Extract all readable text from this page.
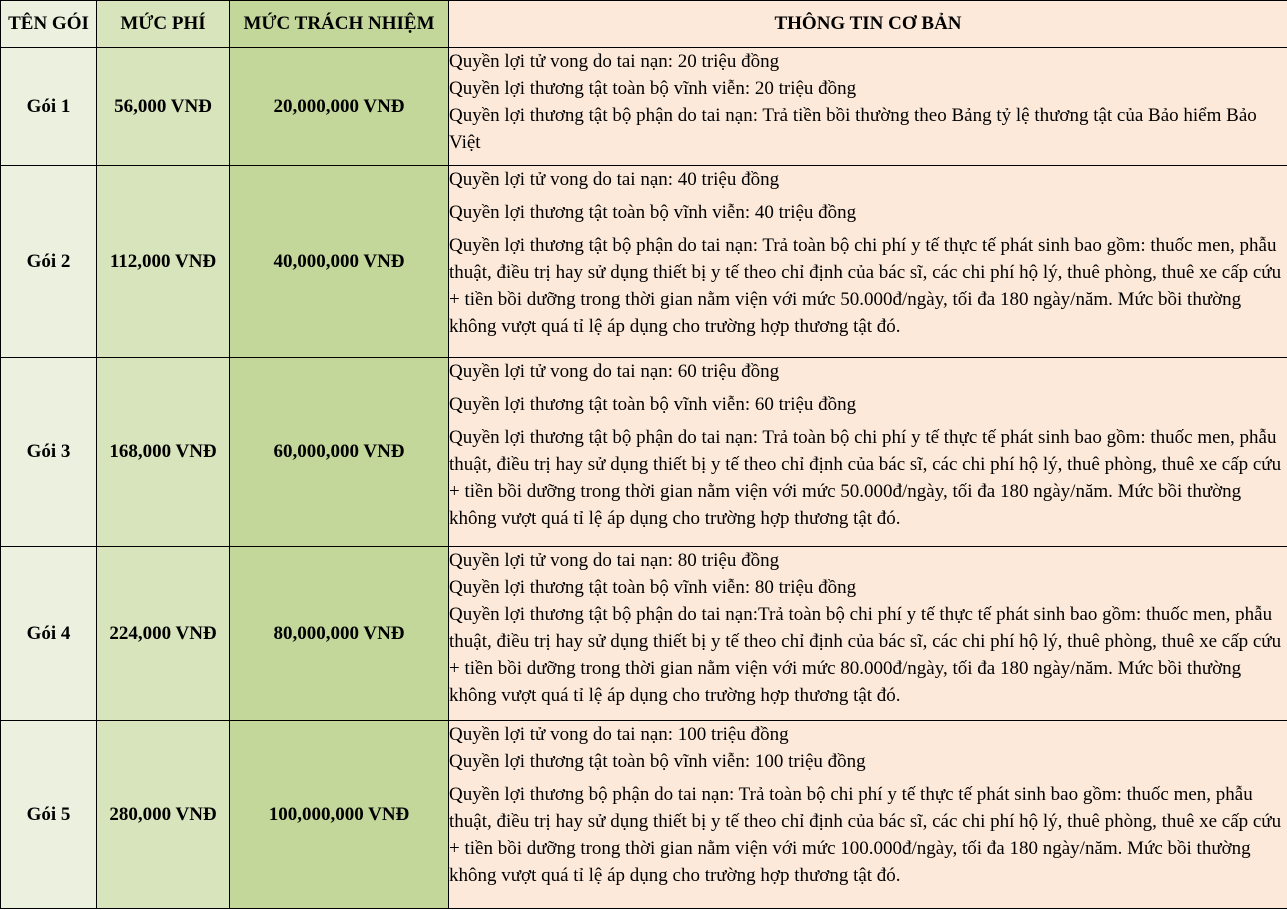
TÊN GÓI	MỨC PHÍ	MỨC TRÁCH NHIỆM	THÔNG TIN CƠ BẢN
Gói 1	56,000 VNĐ	20,000,000 VNĐ	Quyền lợi tử vong do tai nạn: 20 triệu đồng
Quyền lợi thương tật toàn bộ vĩnh viễn: 20 triệu đồng
Quyền lợi thương tật bộ phận do tai nạn: Trả tiền bồi thường theo Bảng tỷ lệ thương tật của Bảo hiểm Bảo Việt

Gói 2	112,000 VNĐ	40,000,000 VNĐ	Quyền lợi tử vong do tai nạn: 40 triệu đồng
Quyền lợi thương tật toàn bộ vĩnh viễn: 40 triệu đồng
Quyền lợi thương tật bộ phận do tai nạn: Trả toàn bộ chi phí y tế thực tế phát sinh bao gồm: thuốc men, phẫu thuật, điều trị hay sử dụng thiết bị y tế theo chỉ định của bác sĩ, các chi phí hộ lý, thuê phòng, thuê xe cấp cứu + tiền bồi dưỡng trong thời gian nằm viện với mức 50.000đ/ngày, tối đa 180 ngày/năm. Mức bồi thường không vượt quá tỉ lệ áp dụng cho trường hợp thương tật đó.

Gói 3	168,000 VNĐ	60,000,000 VNĐ	Quyền lợi tử vong do tai nạn: 60 triệu đồng
Quyền lợi thương tật toàn bộ vĩnh viễn: 60 triệu đồng
Quyền lợi thương tật bộ phận do tai nạn: Trả toàn bộ chi phí y tế thực tế phát sinh bao gồm: thuốc men, phẫu thuật, điều trị hay sử dụng thiết bị y tế theo chỉ định của bác sĩ, các chi phí hộ lý, thuê phòng, thuê xe cấp cứu + tiền bồi dưỡng trong thời gian nằm viện với mức 50.000đ/ngày, tối đa 180 ngày/năm. Mức bồi thường không vượt quá tỉ lệ áp dụng cho trường hợp thương tật đó.

Gói 4	224,000 VNĐ	80,000,000 VNĐ	Quyền lợi tử vong do tai nạn: 80 triệu đồng
Quyền lợi thương tật toàn bộ vĩnh viễn: 80 triệu đồng
Quyền lợi thương tật bộ phận do tai nạn:Trả toàn bộ chi phí y tế thực tế phát sinh bao gồm: thuốc men, phẫu thuật, điều trị hay sử dụng thiết bị y tế theo chỉ định của bác sĩ, các chi phí hộ lý, thuê phòng, thuê xe cấp cứu + tiền bồi dưỡng trong thời gian nằm viện với mức 80.000đ/ngày, tối đa 180 ngày/năm. Mức bồi thường không vượt quá tỉ lệ áp dụng cho trường hợp thương tật đó.

Gói 5	280,000 VNĐ	100,000,000 VNĐ	Quyền lợi tử vong do tai nạn: 100 triệu đồng
Quyền lợi thương tật toàn bộ vĩnh viễn: 100 triệu đồng
Quyền lợi thương bộ phận do tai nạn: Trả toàn bộ chi phí y tế thực tế phát sinh bao gồm: thuốc men, phẫu thuật, điều trị hay sử dụng thiết bị y tế theo chỉ định của bác sĩ, các chi phí hộ lý, thuê phòng, thuê xe cấp cứu + tiền bồi dưỡng trong thời gian nằm viện với mức 100.000đ/ngày, tối đa 180 ngày/năm. Mức bồi thường không vượt quá tỉ lệ áp dụng cho trường hợp thương tật đó.
